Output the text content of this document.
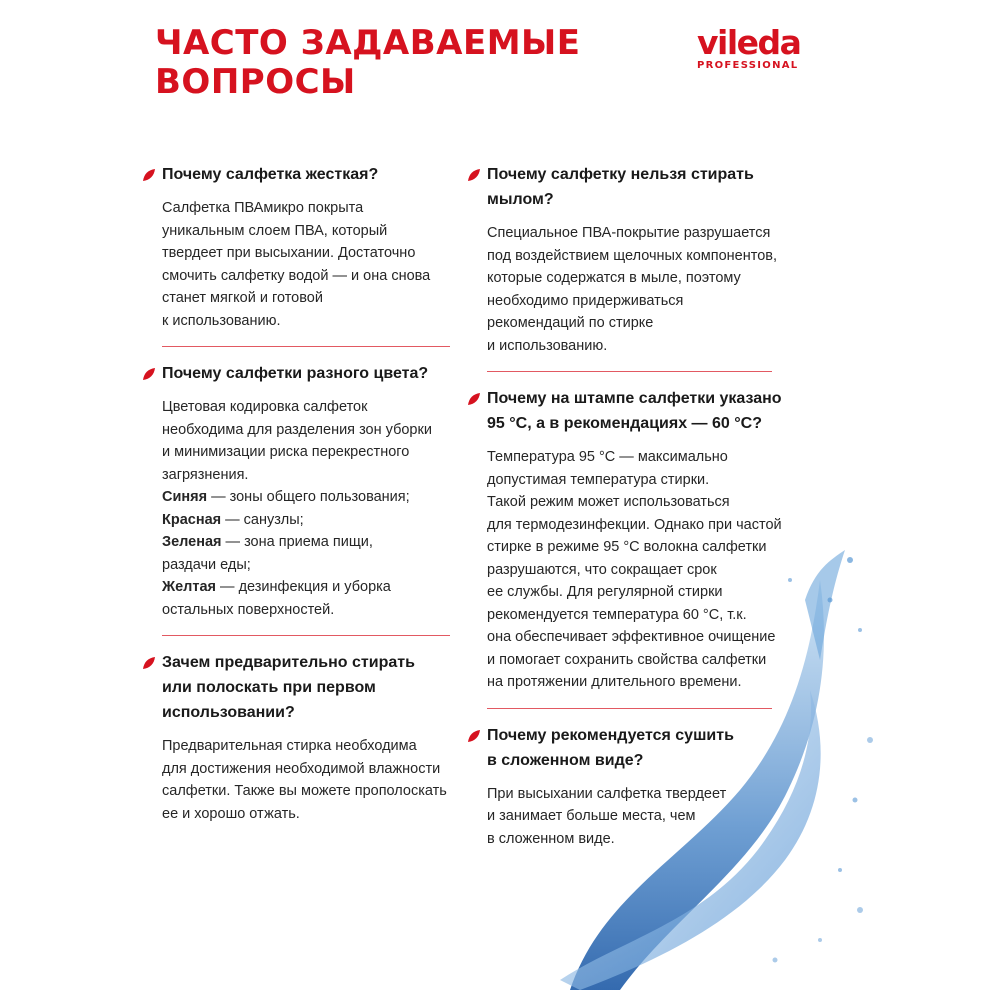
ЧАСТО ЗАДАВАЕМЫЕ
ВОПРОСЫ
vileda
PROFESSIONAL

Почему салфетка жесткая?

Салфетка ПВАмикро покрыта
уникальным слоем ПВА, который
твердеет при высыхании. Достаточно
смочить салфетку водой — и она снова
станет мягкой и готовой
к использованию.

Почему салфетки разного цвета?

Цветовая кодировка салфеток
необходима для разделения зон уборки
и минимизации риска перекрестного
загрязнения.
Синяя — зоны общего пользования;
Красная — санузлы;
Зеленая — зона приема пищи,
раздачи еды;
Желтая — дезинфекция и уборка
остальных поверхностей.

Зачем предварительно стирать
или полоскать при первом
использовании?

Предварительная стирка необходима
для достижения необходимой влажности
салфетки. Также вы можете прополоскать
ее и хорошо отжать.

Почему салфетку нельзя стирать
мылом?

Специальное ПВА-покрытие разрушается
под воздействием щелочных компонентов,
которые содержатся в мыле, поэтому
необходимо придерживаться
рекомендаций по стирке
и использованию.

Почему на штампе салфетки указано
95 °C, а в рекомендациях — 60 °C?

Температура 95 °C — максимально
допустимая температура стирки.
Такой режим может использоваться
для термодезинфекции. Однако при частой
стирке в режиме 95 °C волокна салфетки
разрушаются, что сокращает срок
ее службы. Для регулярной стирки
рекомендуется температура 60 °C, т.к.
она обеспечивает эффективное очищение
и помогает сохранить свойства салфетки
на протяжении длительного времени.

Почему рекомендуется сушить
в сложенном виде?

При высыхании салфетка твердеет
и занимает больше места, чем
в сложенном виде.
